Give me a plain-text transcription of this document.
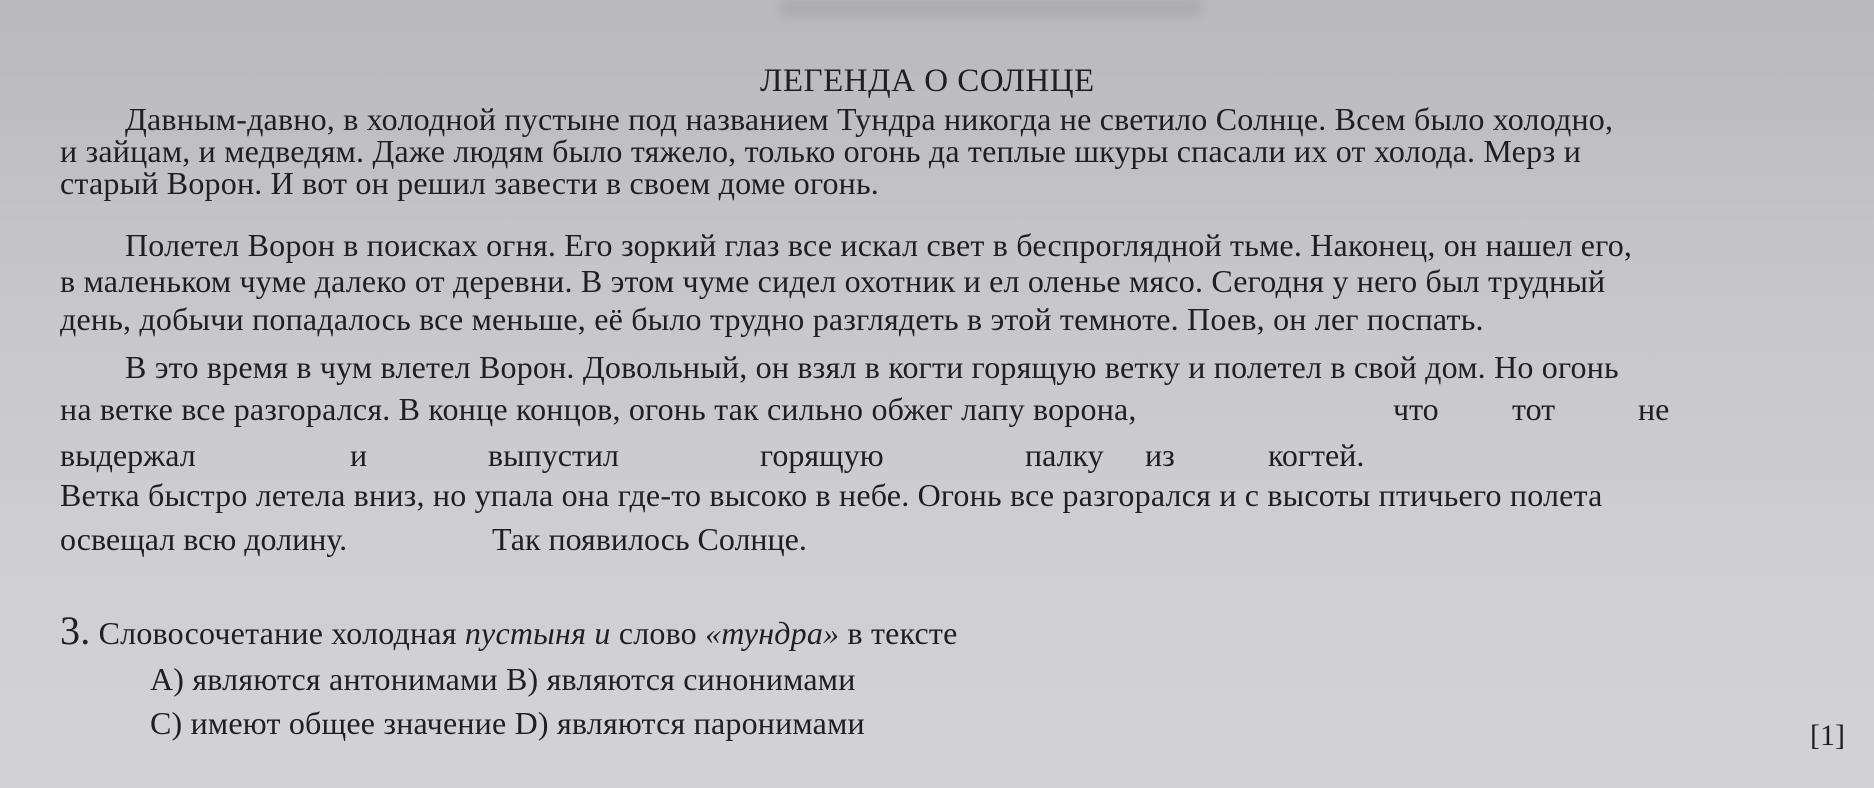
ЛЕГЕНДА О СОЛНЦЕ
Давным-давно, в холодной пустыне под названием Тундра никогда не светило Солнце. Всем было холодно,
и зайцам, и медведям. Даже людям было тяжело, только огонь да теплые шкуры спасали их от холода. Мерз и
старый Ворон. И вот он решил завести в своем доме огонь.
Полетел Ворон в поисках огня. Его зоркий глаз все искал свет в беспроглядной тьме. Наконец, он нашел его,
в маленьком чуме далеко от деревни. В этом чуме сидел охотник и ел оленье мясо. Сегодня у него был трудный
день, добычи попадалось все меньше, её было трудно разглядеть в этой темноте. Поев, он лег поспать.
В это время в чум влетел Ворон. Довольный, он взял в когти горящую ветку и полетел в свой дом. Но огонь
на ветке все разгорался. В конце концов, огонь так сильно обжег лапу ворона,	что тот	не
выдержал	и	выпустил	горящую	палку из	когтей.
Ветка быстро летела вниз, но упала она где-то высоко в небе. Огонь все разгорался и с высоты птичьего полета
освещал всю долину.	Так появилось Солнце.
3. Словосочетание холодная пустыня и слово «тундра» в тексте
A) являются антонимами B) являются синонимами
C) имеют общее значение D) являются паронимами	[1]
